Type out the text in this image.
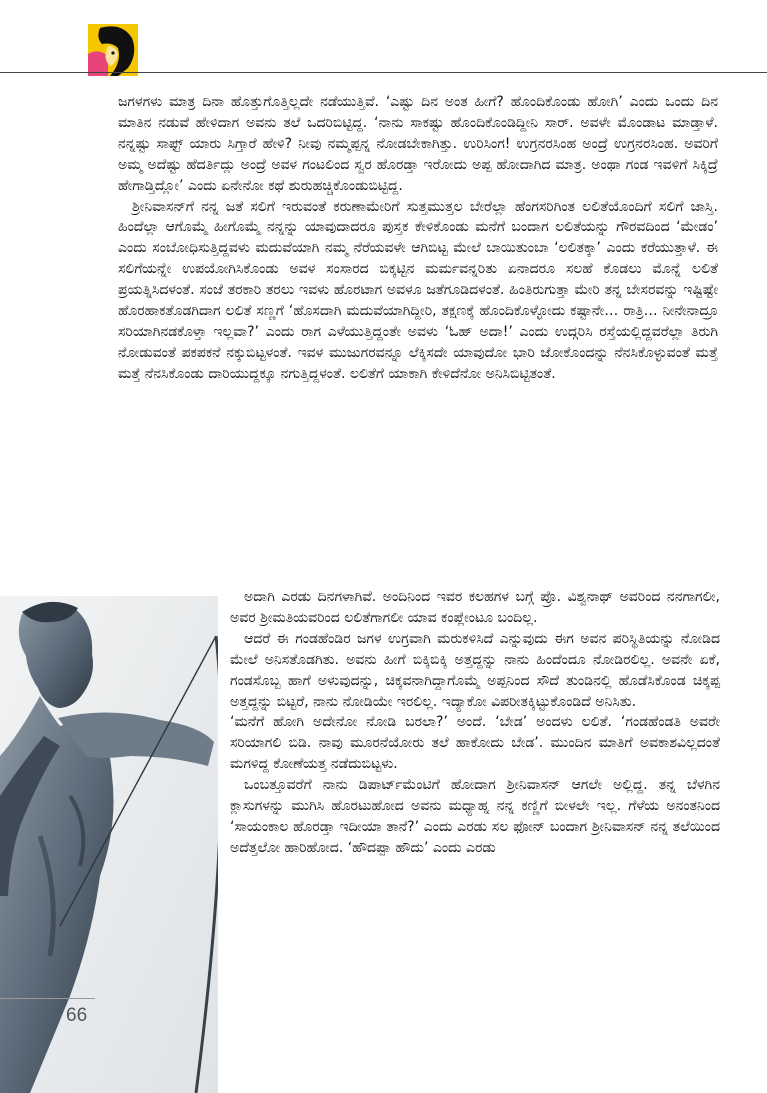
ಜಗಳಗಳು ಮಾತ್ರ ದಿನಾ ಹೊತ್ತುಗೊತ್ತಿಲ್ಲದೇ ನಡೆಯುತ್ತಿವೆ. ‘ಎಷ್ಟು ದಿನ ಅಂತ ಹೀಗೆ? ಹೊಂದಿಕೊಂಡು ಹೋಗಿ’ ಎಂದು ಒಂದು ದಿನ ಮಾತಿನ ನಡುವೆ ಹೇಳಿದಾಗ ಅವನು ತಲೆ ಒದರಿಬಿಟ್ಟಿದ್ದ. ‘ನಾನು ಸಾಕಷ್ಟು ಹೊಂದಿಕೊಂಡಿದ್ದೀನಿ ಸಾರ್. ಅವಳೇ ಮೊಂಡಾಟ ಮಾಡ್ತಾಳೆ. ನನ್ನಷ್ಟು ಸಾಫ್ಟ್ ಯಾರು ಸಿಗ್ತಾರೆ ಹೇಳಿ? ನೀವು ನಮ್ಮಪ್ಪನ್ನ ನೋಡಬೇಕಾಗಿತ್ತು. ಉರಿಸಿಂಗ! ಉಗ್ರನರಸಿಂಹ ಅಂದ್ರೆ ಉಗ್ರನರಸಿಂಹ. ಅವರಿಗೆ ಅಮ್ಮ ಅದೆಷ್ಟು ಹೆದರ್ತಿದ್ಲು ಅಂದ್ರೆ ಅವಳ ಗಂಟಲಿಂದ ಸ್ವರ ಹೊರಡ್ತಾ ಇರೋದು ಅಪ್ಪ ಹೋದಾಗಿದ ಮಾತ್ರ. ಅಂಥಾ ಗಂಡ ಇವಳಿಗೆ ಸಿಕ್ಕಿದ್ರೆ ಹೇಗಾಡ್ತಿದ್ಲೋ’ ಎಂದು ಏನೇನೋ ಕಥೆ ಶುರುಹಚ್ಚಿಕೊಂಡುಬಿಟ್ಟಿದ್ದ.

ಶ್ರೀನಿವಾಸನ್‌ಗೆ ನನ್ನ ಜತೆ ಸಲಿಗೆ ಇರುವಂತೆ ಕರುಣಾಮೇರಿಗೆ ಸುತ್ತಮುತ್ತಲ ಬೇರೆಲ್ಲಾ ಹೆಂಗಸರಿಗಿಂತ ಲಲಿತೆಯೊಂದಿಗೆ ಸಲಿಗೆ ಜಾಸ್ತಿ. ಹಿಂದೆಲ್ಲಾ ಆಗೊಮ್ಮೆ ಹೀಗೊಮ್ಮೆ ನನ್ನನ್ನು ಯಾವುದಾದರೂ ಪುಸ್ತಕ ಕೇಳಿಕೊಂಡು ಮನೆಗೆ ಬಂದಾಗ ಲಲಿತೆಯನ್ನು ಗೌರವದಿಂದ ‘ಮೇಡಂ’ ಎಂದು ಸಂಬೋಧಿಸುತ್ತಿದ್ದವಳು ಮದುವೆಯಾಗಿ ನಮ್ಮ ನೆರೆಯವಳೇ ಆಗಿಬಿಟ್ಟ ಮೇಲೆ ಬಾಯಿತುಂಬಾ ‘ಲಲಿತಕ್ಕಾ’ ಎಂದು ಕರೆಯುತ್ತಾಳೆ. ಈ ಸಲಿಗೆಯನ್ನೇ ಉಪಯೋಗಿಸಿಕೊಂಡು ಅವಳ ಸಂಸಾರದ ಬಿಕ್ಕಟ್ಟಿನ ಮರ್ಮವನ್ನರಿತು ಏನಾದರೂ ಸಲಹೆ ಕೊಡಲು ಮೊನ್ನೆ ಲಲಿತೆ ಪ್ರಯತ್ನಿಸಿದಳಂತೆ. ಸಂಜೆ ತರಕಾರಿ ತರಲು ಇವಳು ಹೊರಟಾಗ ಅವಳೂ ಜತೆಗೂಡಿದಳಂತೆ. ಹಿಂತಿರುಗುತ್ತಾ ಮೇರಿ ತನ್ನ ಬೇಸರವನ್ನು ಇಷ್ಟಿಷ್ಟೇ ಹೊರಹಾಕತೊಡಗಿದಾಗ ಲಲಿತೆ ಸಣ್ಣಗೆ ‘ಹೊಸದಾಗಿ ಮದುವೆಯಾಗಿದ್ದೀರಿ, ತಕ್ಷಣಕ್ಕೆ ಹೊಂದಿಕೊಳ್ಳೋದು ಕಷ್ಟಾನೇ… ರಾತ್ರಿ… ನೀನೇನಾದ್ರೂ ಸರಿಯಾಗಿನಡಕೊಳ್ತಾ ಇಲ್ಲವಾ?’ ಎಂದು ರಾಗ ಎಳೆಯುತ್ತಿದ್ದಂತೇ ಅವಳು ‘ಓಹ್ ಅದಾ!’ ಎಂದು ಉದ್ಗರಿಸಿ ರಸ್ತೆಯಲ್ಲಿದ್ದವರೆಲ್ಲಾ ತಿರುಗಿ ನೋಡುವಂತೆ ಪಕಪಕನೆ ನಕ್ಕುಬಿಟ್ಟಳಂತೆ. ಇವಳ ಮುಜುಗರವನ್ನೂ ಲೆಕ್ಕಿಸದೇ ಯಾವುದೋ ಭಾರಿ ಜೋಕೊಂದನ್ನು ನೆನಸಿಕೊಳ್ಳುವಂತೆ ಮತ್ತೆ ಮತ್ತೆ ನೆನಸಿಕೊಂಡು ದಾರಿಯುದ್ದಕ್ಕೂ ನಗುತ್ತಿದ್ದಳಂತೆ. ಲಲಿತೆಗೆ ಯಾಕಾಗಿ ಕೇಳಿದೆನೋ ಅನಿಸಿಬಿಟ್ಟಿತಂತೆ.

ಅದಾಗಿ ಎರಡು ದಿನಗಳಾಗಿವೆ. ಅಂದಿನಿಂದ ಇವರ ಕಲಹಗಳ ಬಗ್ಗೆ ಪ್ರೊ. ವಿಶ್ವನಾಥ್ ಅವರಿಂದ ನನಗಾಗಲೀ, ಅವರ ಶ್ರೀಮತಿಯವರಿಂದ ಲಲಿತೆಗಾಗಲೀ ಯಾವ ಕಂಪ್ಲೇಂಟೂ ಬಂದಿಲ್ಲ.

ಆದರೆ ಈ ಗಂಡಹೆಂಡಿರ ಜಗಳ ಉಗ್ರವಾಗಿ ಮರುಕಳಿಸಿದೆ ಎನ್ನುವುದು ಈಗ ಅವನ ಪರಿಸ್ಥಿತಿಯನ್ನು ನೋಡಿದ ಮೇಲೆ ಅನಿಸತೊಡಗಿತು. ಅವನು ಹೀಗೆ ಬಿಕ್ಕಿಬಿಕ್ಕಿ ಅತ್ತದ್ದನ್ನು ನಾನು ಹಿಂದೆಂದೂ ನೋಡಿರಲಿಲ್ಲ. ಅವನೇ ಏಕೆ, ಗಂಡಸೊಬ್ಬ ಹಾಗೆ ಅಳುವುದನ್ನು, ಚಿಕ್ಕವನಾಗಿದ್ದಾಗೊಮ್ಮೆ ಅಪ್ಪನಿಂದ ಸೌದೆ ತುಂಡಿನಲ್ಲಿ ಹೊಡೆಸಿಕೊಂಡ ಚಿಕ್ಕಪ್ಪ ಅತ್ತದ್ದನ್ನು ಬಿಟ್ಟರೆ, ನಾನು ನೋಡಿಯೇ ಇರಲಿಲ್ಲ. ಇದ್ಯಾಕೋ ವಿಪರೀತಕ್ಕಿಟ್ಟುಕೊಂಡಿದೆ ಅನಿಸಿತು.

‘ಮನೆಗೆ ಹೋಗಿ ಅದೇನೋ ನೋಡಿ ಬರಲಾ?’ ಅಂದೆ. ‘ಬೇಡ’ ಅಂದಳು ಲಲಿತೆ. ‘ಗಂಡಹೆಂಡತಿ ಅವರೇ ಸರಿಯಾಗಲಿ ಬಿಡಿ. ನಾವು ಮೂರನೆಯೋರು ತಲೆ ಹಾಕೋದು ಬೇಡ’. ಮುಂದಿನ ಮಾತಿಗೆ ಅವಕಾಶವಿಲ್ಲದಂತೆ ಮಗಳಿದ್ದ ಕೋಣೆಯತ್ತ ನಡೆದುಬಿಟ್ಟಳು.

ಒಂಬತ್ತೂವರೆಗೆ ನಾನು ಡಿಪಾರ್ಟ್‌ಮೆಂಟಿಗೆ ಹೋದಾಗ ಶ್ರೀನಿವಾಸನ್ ಆಗಲೇ ಅಲ್ಲಿದ್ದ. ತನ್ನ ಬೆಳಗಿನ ಕ್ಲಾಸುಗಳನ್ನು ಮುಗಿಸಿ ಹೊರಟುಹೋದ ಅವನು ಮಧ್ಯಾಹ್ನ ನನ್ನ ಕಣ್ಣಿಗೆ ಬೀಳಲೇ ಇಲ್ಲ. ಗೆಳೆಯ ಅನಂತನಿಂದ ‘ಸಾಯಂಕಾಲ ಹೊರಡ್ತಾ ಇದೀಯಾ ತಾನೆ?’ ಎಂದು ಎರಡು ಸಲ ಫೋನ್ ಬಂದಾಗ ಶ್ರೀನಿವಾಸನ್ ನನ್ನ ತಲೆಯಿಂದ ಅದೆತ್ತಲೋ ಹಾರಿಹೋದ. ‘ಹೌದಪ್ಪಾ ಹೌದು’ ಎಂದು ಎರಡು

66
